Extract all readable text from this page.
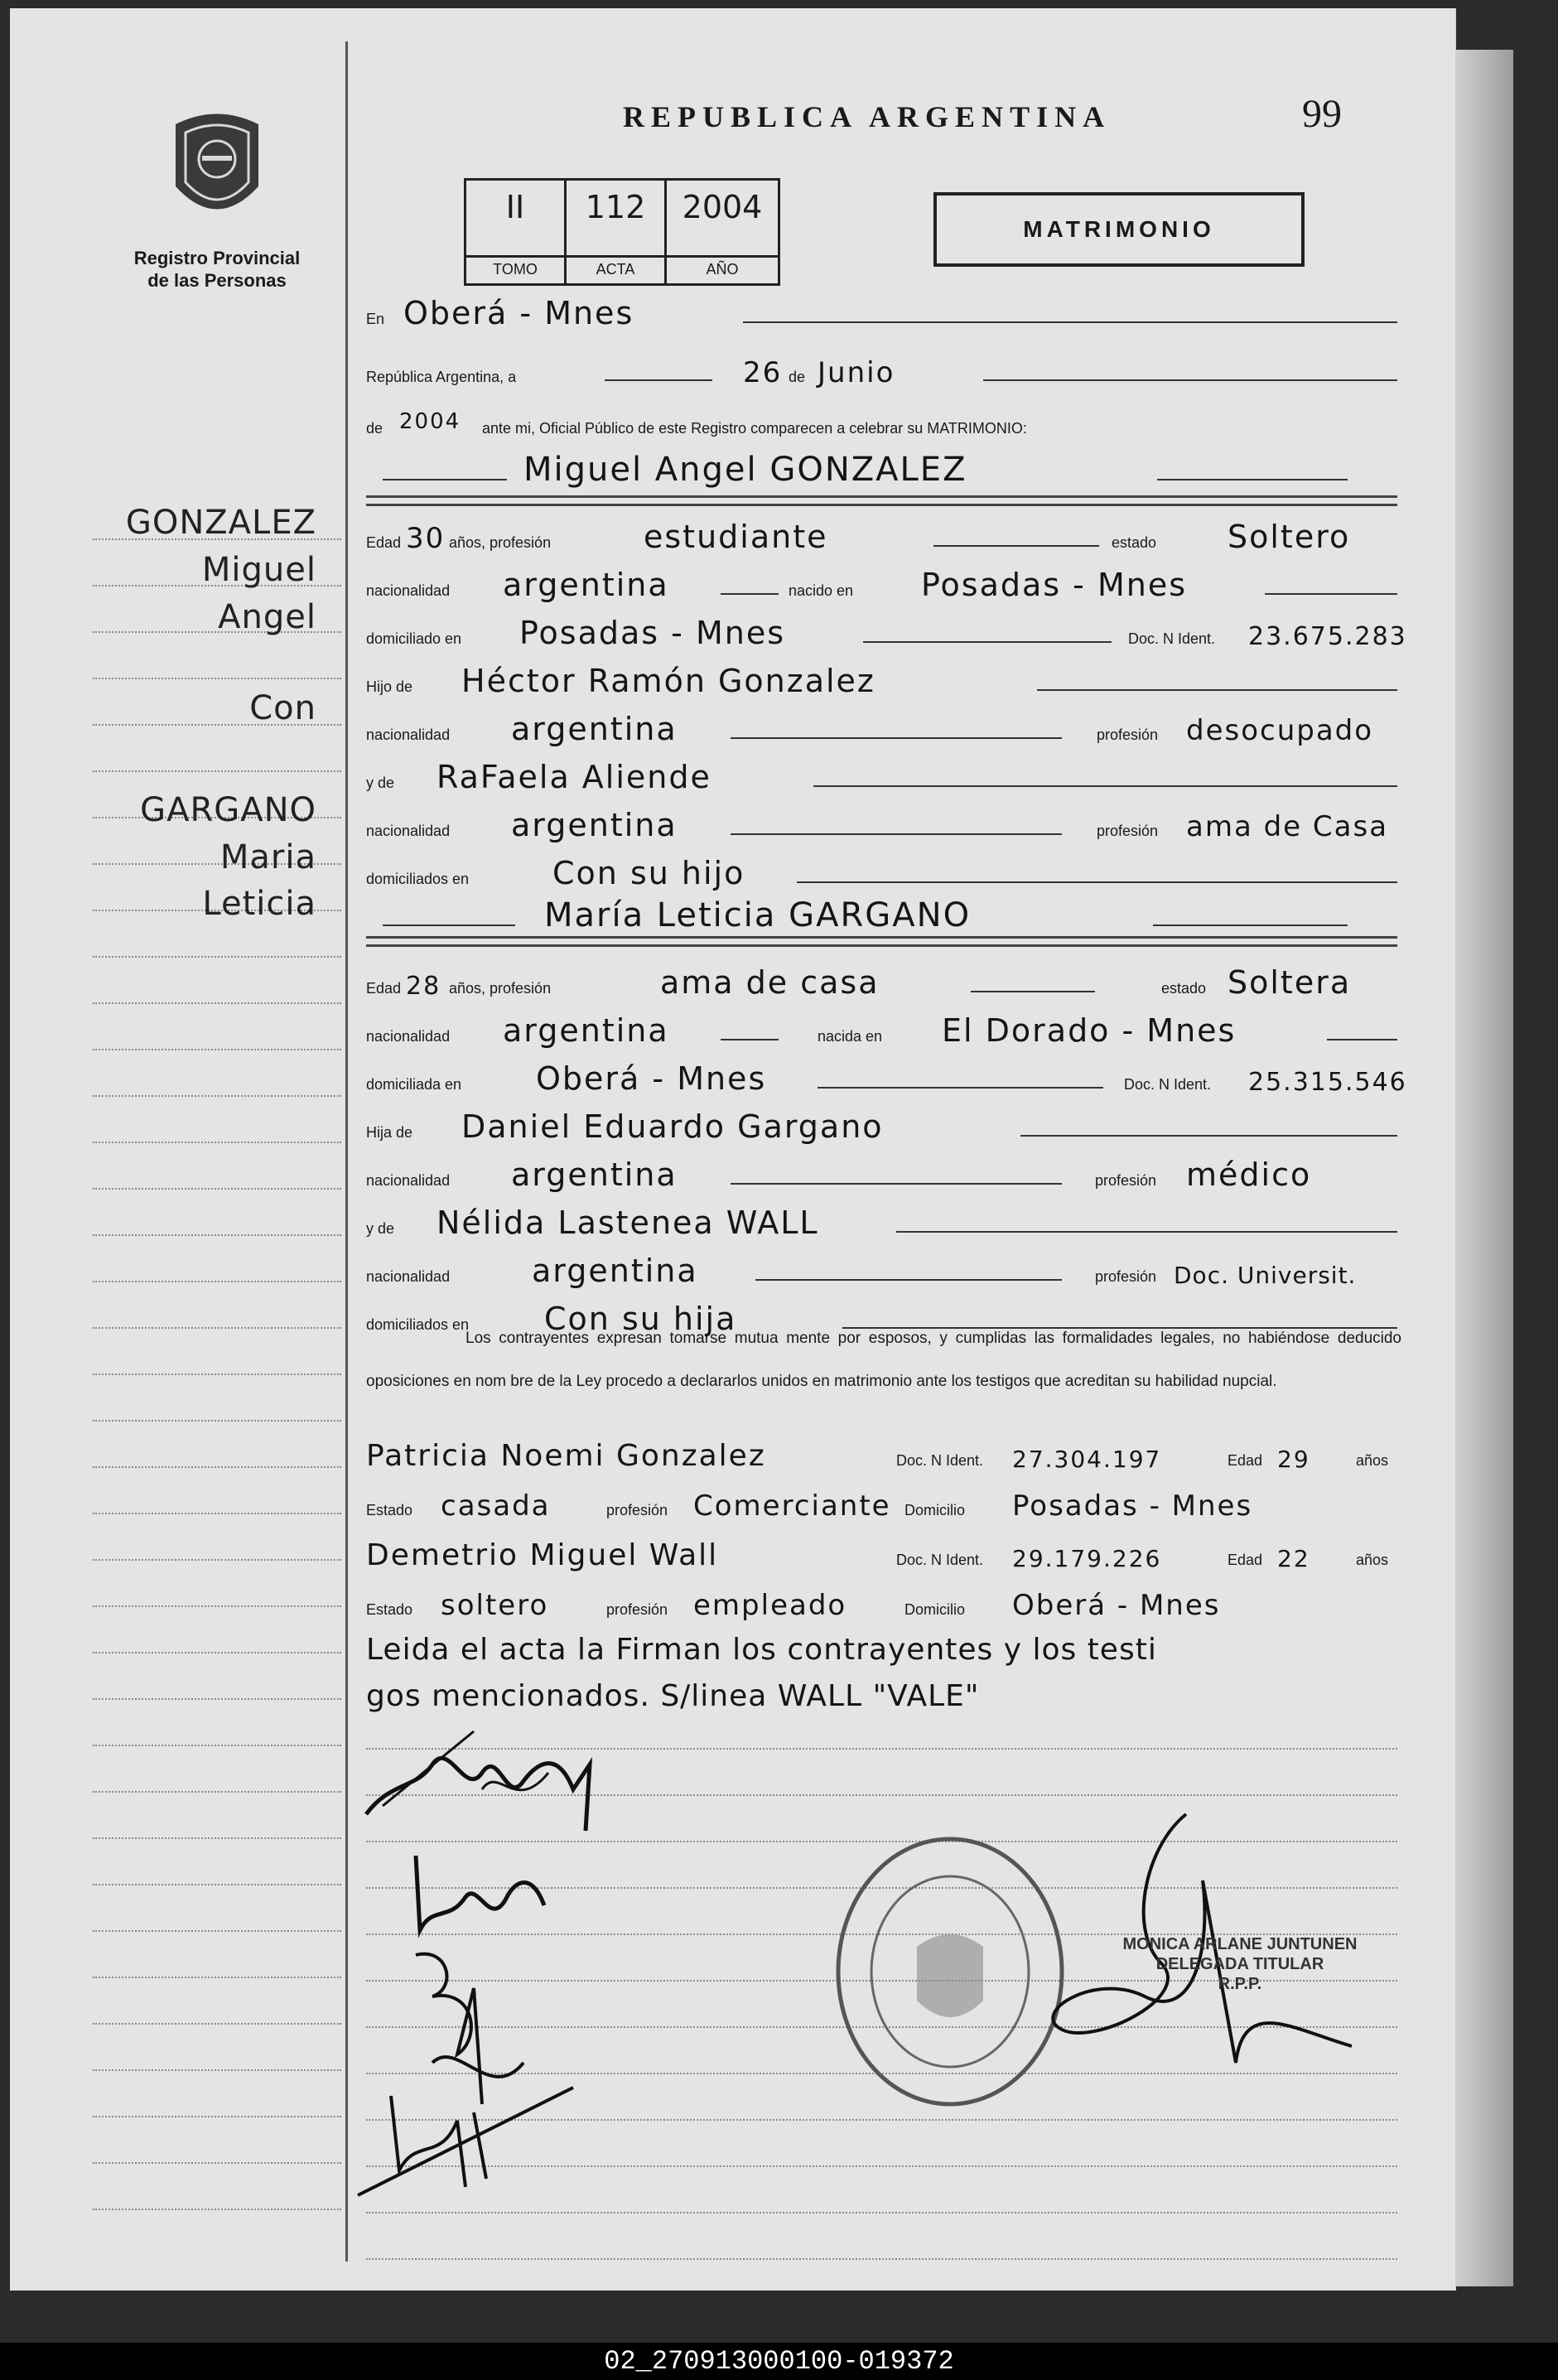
Registro Provincial
de las Personas
REPUBLICA ARGENTINA	99
II
TOMO
112
ACTA
2004
AÑO
MATRIMONIO
GONZALEZ
Miguel
Angel
Con
GARGANO
Maria
Leticia
En Oberá - Mnes
República Argentina, a	26 de Junio
de 2004 ante mi, Oficial Público de este Registro comparecen a celebrar su MATRIMONIO:
Miguel Angel GONZALEZ
Edad 30 años, profesión	estudiante	estado Soltero
nacionalidad argentina	nacido en Posadas - Mnes
domiciliado en Posadas - Mnes	Doc. N Ident. 23.675.283
Hijo de Héctor Ramón Gonzalez
nacionalidad argentina	profesión desocupado
y de RaFaela Aliende
nacionalidad argentina	profesión ama de Casa
domiciliados en	Con su hijo
María Leticia GARGANO
Edad 28 años, profesión	ama de casa	estado Soltera
nacionalidad argentina	nacida en El Dorado - Mnes
domiciliada en Oberá - Mnes	Doc. N Ident. 25.315.546
Hija de Daniel Eduardo Gargano
nacionalidad argentina	profesión médico
y de Nélida Lastenea WALL
nacionalidad	argentina	profesión Doc. Universit.
domiciliados en Con su hija
Los contrayentes expresan tomarse mutua mente por esposos, y cumplidas las formalidades legales, no habiéndose deducido oposiciones en nom bre de la Ley procedo a declararlos unidos en matrimonio ante los testigos que acreditan su habilidad nupcial.
Patricia Noemi Gonzalez	Doc. N Ident. 27.304.197	Edad 29	años
Estado casada	profesión Comerciante Domicilio Posadas - Mnes
Demetrio Miguel Wall	Doc. N Ident. 29.179.226	Edad 22	años
Estado soltero	profesión empleado	Domicilio Oberá - Mnes
Leida el acta la Firman los contrayentes y los testi
gos mencionados. S/linea WALL "VALE"
MONICA ARLANE JUNTUNEN
DELEGADA TITULAR
R.P.P.
02_270913000100-019372
